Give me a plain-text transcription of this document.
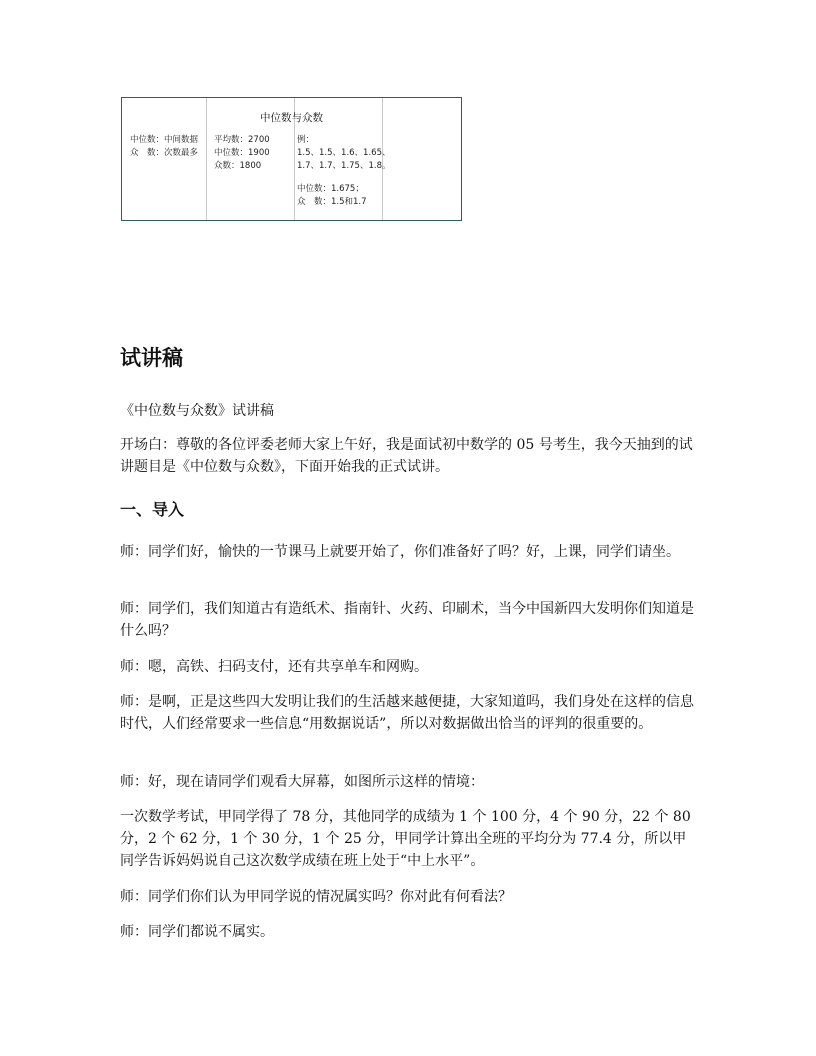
中位数与众数
中位数：中间数据
众　数：次数最多
平均数：2700
中位数：1900
众数：1800
例：
1.5、1.5、1.6、1.65、
1.7、1.7、1.75、1.8。
中位数：1.675；
众　数：1.5和1.7
试讲稿

《中位数与众数》试讲稿

开场白：尊敬的各位评委老师大家上午好，我是面试初中数学的 05 号考生，我今天抽到的试讲题目是《中位数与众数》，下面开始我的正式试讲。

一、导入

师：同学们好，愉快的一节课马上就要开始了，你们准备好了吗？好，上课，同学们请坐。

师：同学们，我们知道古有造纸术、指南针、火药、印刷术，当今中国新四大发明你们知道是什么吗？

师：嗯，高铁、扫码支付，还有共享单车和网购。

师：是啊，正是这些四大发明让我们的生活越来越便捷，大家知道吗，我们身处在这样的信息时代，人们经常要求一些信息“用数据说话”，所以对数据做出恰当的评判的很重要的。

师：好，现在请同学们观看大屏幕，如图所示这样的情境：

一次数学考试，甲同学得了 78 分，其他同学的成绩为 1 个 100 分，4 个 90 分，22 个 80 分，2 个 62 分，1 个 30 分，1 个 25 分，甲同学计算出全班的平均分为 77.4 分，所以甲同学告诉妈妈说自己这次数学成绩在班上处于“中上水平”。

师：同学们你们认为甲同学说的情况属实吗？你对此有何看法？

师：同学们都说不属实。
